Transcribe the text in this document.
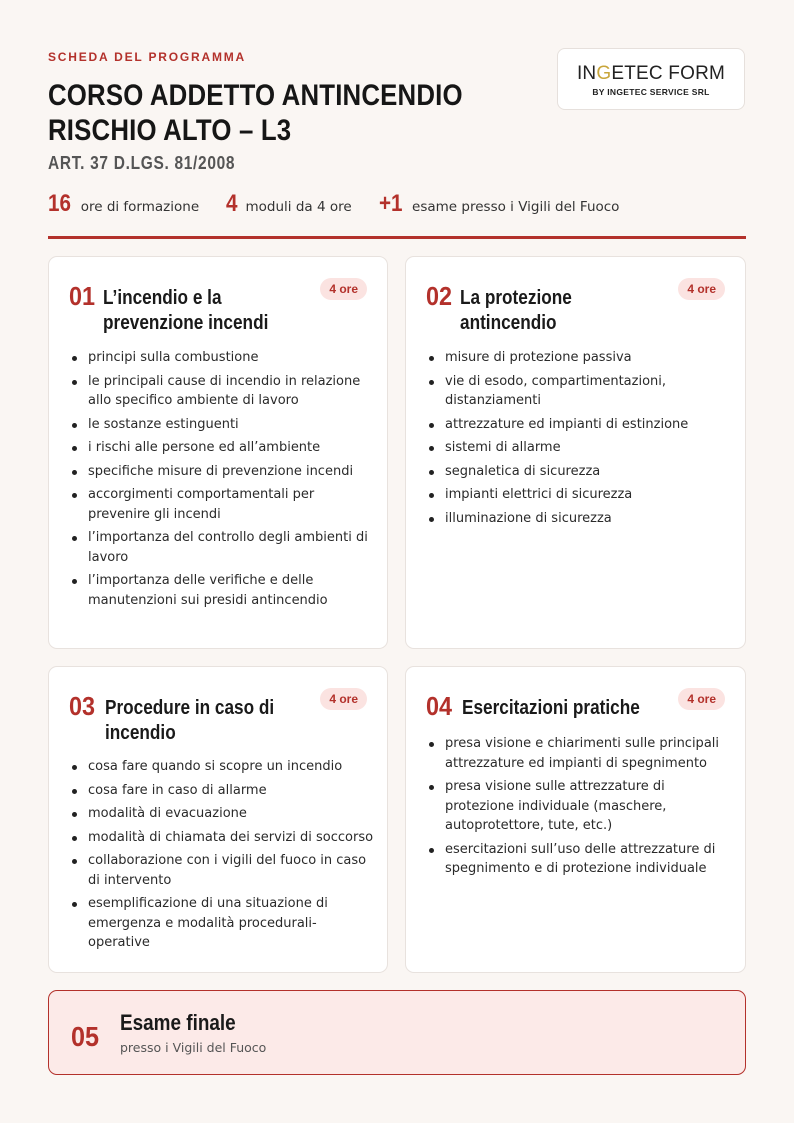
SCHEDA DEL PROGRAMMA
CORSO ADDETTO ANTINCENDIO
RISCHIO ALTO – L3
ART. 37 D.LGS. 81/2008
INGETEC FORM
BY INGETEC SERVICE SRL
16 ore di formazione 4 moduli da 4 ore +1 esame presso i Vigili del Fuoco
01 L’incendio e la
prevenzione incendi
4 ore
principi sulla combustione
le principali cause di incendio in relazione allo specifico ambiente di lavoro
le sostanze estinguenti
i rischi alle persone ed all’ambiente
specifiche misure di prevenzione incendi
accorgimenti comportamentali per prevenire gli incendi
l’importanza del controllo degli ambienti di lavoro
l’importanza delle verifiche e delle manutenzioni sui presidi antincendio
02 La protezione
antincendio
4 ore
misure di protezione passiva
vie di esodo, compartimentazioni, distanziamenti
attrezzature ed impianti di estinzione
sistemi di allarme
segnaletica di sicurezza
impianti elettrici di sicurezza
illuminazione di sicurezza
03 Procedure in caso di
incendio
4 ore
cosa fare quando si scopre un incendio
cosa fare in caso di allarme
modalità di evacuazione
modalità di chiamata dei servizi di soccorso
collaborazione con i vigili del fuoco in caso di intervento
esemplificazione di una situazione di emergenza e modalità procedurali-operative
04 Esercitazioni pratiche	4 ore
presa visione e chiarimenti sulle principali attrezzature ed impianti di spegnimento
presa visione sulle attrezzature di protezione individuale (maschere, autoprotettore, tute, etc.)
esercitazioni sull’uso delle attrezzature di spegnimento e di protezione individuale
05 Esame finale
presso i Vigili del Fuoco
